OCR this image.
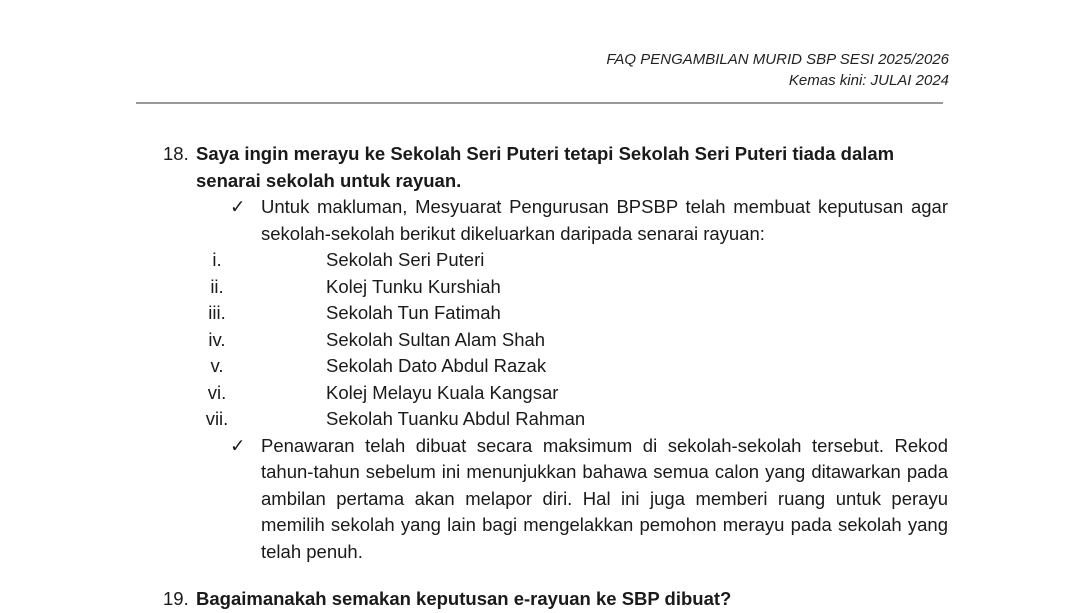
FAQ PENGAMBILAN MURID SBP SESI 2025/2026
Kemas kini: JULAI 2024
18. Saya ingin merayu ke Sekolah Seri Puteri tetapi Sekolah Seri Puteri tiada dalam senarai sekolah untuk rayuan.
✓ Untuk makluman, Mesyuarat Pengurusan BPSBP telah membuat keputusan agar sekolah-sekolah berikut dikeluarkan daripada senarai rayuan:
i.	Sekolah Seri Puteri
ii.	Kolej Tunku Kurshiah
iii.	Sekolah Tun Fatimah
iv.	Sekolah Sultan Alam Shah
v.	Sekolah Dato Abdul Razak
vi.	Kolej Melayu Kuala Kangsar
vii.	Sekolah Tuanku Abdul Rahman
✓ Penawaran telah dibuat secara maksimum di sekolah-sekolah tersebut. Rekod tahun-tahun sebelum ini menunjukkan bahawa semua calon yang ditawarkan pada ambilan pertama akan melapor diri. Hal ini juga memberi ruang untuk perayu memilih sekolah yang lain bagi mengelakkan pemohon merayu pada sekolah yang telah penuh.
19. Bagaimanakah semakan keputusan e-rayuan ke SBP dibuat?
